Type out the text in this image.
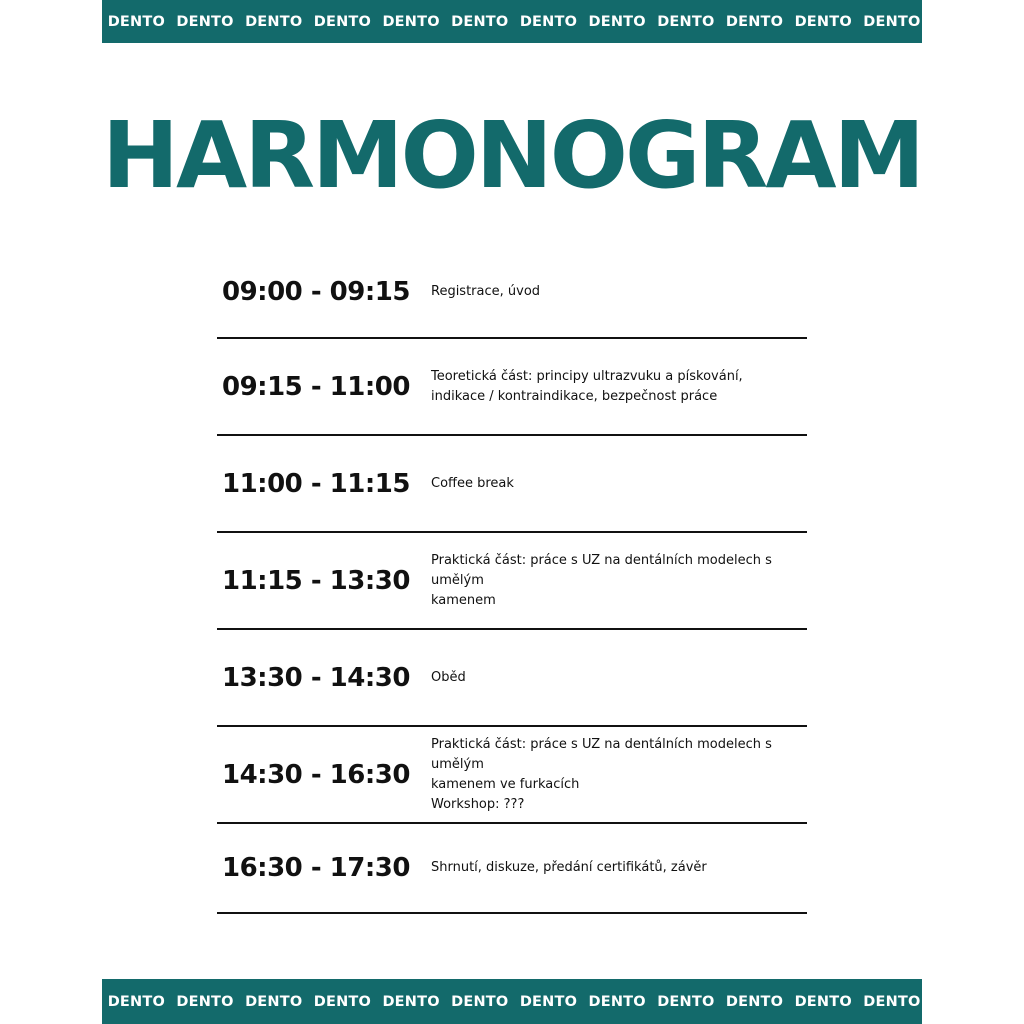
DENTO DENTO DENTO DENTO DENTO DENTO DENTO DENTO DENTO DENTO DENTO DENTO
HARMONOGRAM
09:00 - 09:15 Registrace, úvod
09:15 - 11:00 Teoretická část: principy ultrazvuku a pískování,
indikace / kontraindikace, bezpečnost práce
11:00 - 11:15 Coffee break
11:15 - 13:30
Praktická část: práce s UZ na dentálních modelech s umělým
kamenem
13:30 - 14:30 Oběd
14:30 - 16:30
Praktická část: práce s UZ na dentálních modelech s umělým
kamenem ve furkacích
Workshop: ???
16:30 - 17:30 Shrnutí, diskuze, předání certifikátů, závěr
DENTO DENTO DENTO DENTO DENTO DENTO DENTO DENTO DENTO DENTO DENTO DENTO
